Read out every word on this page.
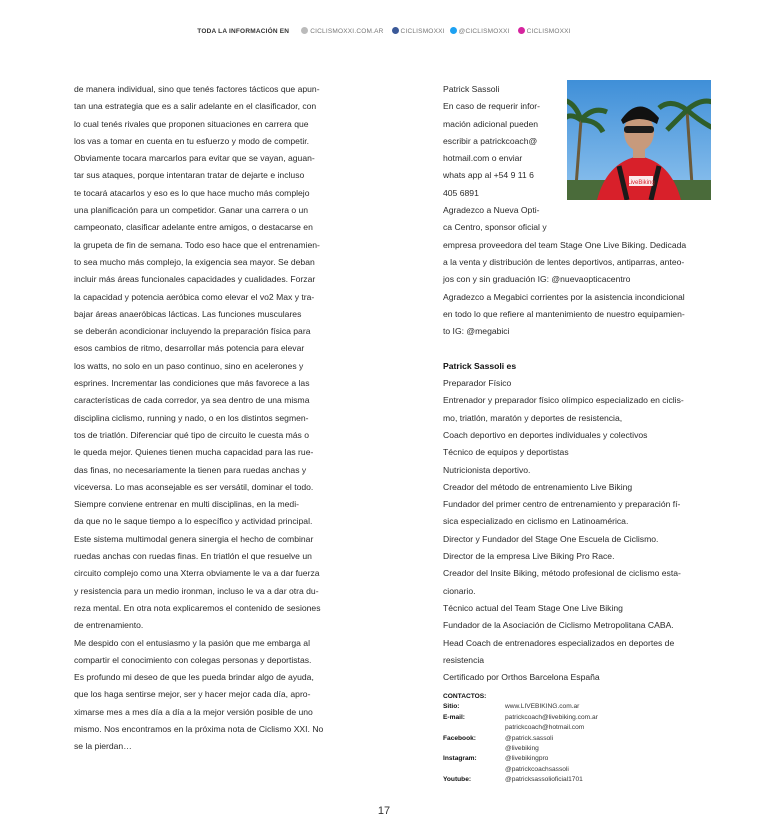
TODA LA INFORMACIÓN EN	CICLISMOXXI.COM.AR	CICLISMOXXI @CICLISMOXXI	CICLISMOXXI

de manera individual, sino que tenés factores tácticos que apun-

tan una estrategia que es a salir adelante en el clasificador, con

lo cual tenés rivales que proponen situaciones en carrera que

los vas a tomar en cuenta en tu esfuerzo y modo de competir.

Obviamente tocara marcarlos para evitar que se vayan, aguan-

tar sus ataques, porque intentaran tratar de dejarte e incluso

te tocará atacarlos y eso es lo que hace mucho más complejo

una planificación para un competidor. Ganar una carrera o un

campeonato, clasificar adelante entre amigos, o destacarse en

la grupeta de fin de semana. Todo eso hace que el entrenamien-

to sea mucho más complejo, la exigencia sea mayor. Se deban

incluir más áreas funcionales capacidades y cualidades. Forzar

la capacidad y potencia aeróbica como elevar el vo2 Max y tra-

bajar áreas anaeróbicas lácticas. Las funciones musculares

se deberán acondicionar incluyendo la preparación física para

esos cambios de ritmo, desarrollar más potencia para elevar

los watts, no solo en un paso continuo, sino en acelerones y

esprines. Incrementar las condiciones que más favorece a las

características de cada corredor, ya sea dentro de una misma

disciplina ciclismo, running y nado, o en los distintos segmen-

tos de triatlón. Diferenciar qué tipo de circuito le cuesta más o

le queda mejor. Quienes tienen mucha capacidad para las rue-

das finas, no necesariamente la tienen para ruedas anchas y

viceversa. Lo mas aconsejable es ser versátil, dominar el todo.

Siempre conviene entrenar en multi disciplinas, en la medi-

da que no le saque tiempo a lo específico y actividad principal.

Este sistema multimodal genera sinergia el hecho de combinar

ruedas anchas con ruedas finas. En triatlón el que resuelve un

circuito complejo como una Xterra obviamente le va a dar fuerza

y resistencia para un medio ironman, incluso le va a dar otra du-

reza mental. En otra nota explicaremos el contenido de sesiones

de entrenamiento.

Me despido con el entusiasmo y la pasión que me embarga al

compartir el conocimiento con colegas personas y deportistas.

Es profundo mi deseo de que les pueda brindar algo de ayuda,

que los haga sentirse mejor, ser y hacer mejor cada día, apro-

ximarse mes a mes día a día a la mejor versión posible de uno

mismo. Nos encontramos en la próxima nota de Ciclismo XXI. No

se la pierdan…

Patrick Sassoli

En caso de requerir infor-

mación adicional pueden

escribir a patrickcoach@

hotmail.com o enviar

whats app al +54 9 11 6

405 6891

Agradezco a Nueva Opti-

ca Centro, sponsor oficial y

empresa proveedora del team Stage One Live Biking. Dedicada

a la venta y distribución de lentes deportivos, antiparras, anteo-

jos con y sin graduación IG: @nuevaopticacentro

Agradezco a Megabici corrientes por la asistencia incondicional

en todo lo que refiere al mantenimiento de nuestro equipamien-

to IG: @megabici

Patrick Sassoli es

Preparador Físico

Entrenador y preparador físico olímpico especializado en ciclis-

mo, triatlón, maratón y deportes de resistencia,

Coach deportivo en deportes individuales y colectivos

Técnico de equipos y deportistas

Nutricionista deportivo.

Creador del método de entrenamiento Live Biking

Fundador del primer centro de entrenamiento y preparación fí-

sica especializado en ciclismo en Latinoamérica.

Director y Fundador del Stage One Escuela de Ciclismo.

Director de la empresa Live Biking Pro Race.

Creador del Insite Biking, método profesional de ciclismo esta-

cionario.

Técnico actual del Team Stage One Live Biking

Fundador de la Asociación de Ciclismo Metropolitana CABA.

Head Coach de entrenadores especializados en deportes de

resistencia

Certificado por Orthos Barcelona España

LiveBiking
CONTACTOS:
Sitio:	www.LIVEBIKING.com.ar
E-mail:	patrickcoach@livebiking.com.ar
patrickcoach@hotmail.com
Facebook:	@patrick.sassoli
@livebiking
Instagram:	@livebikingpro
@patrickcoachsassoli
Youtube:	@patricksassolioficial1701
17
